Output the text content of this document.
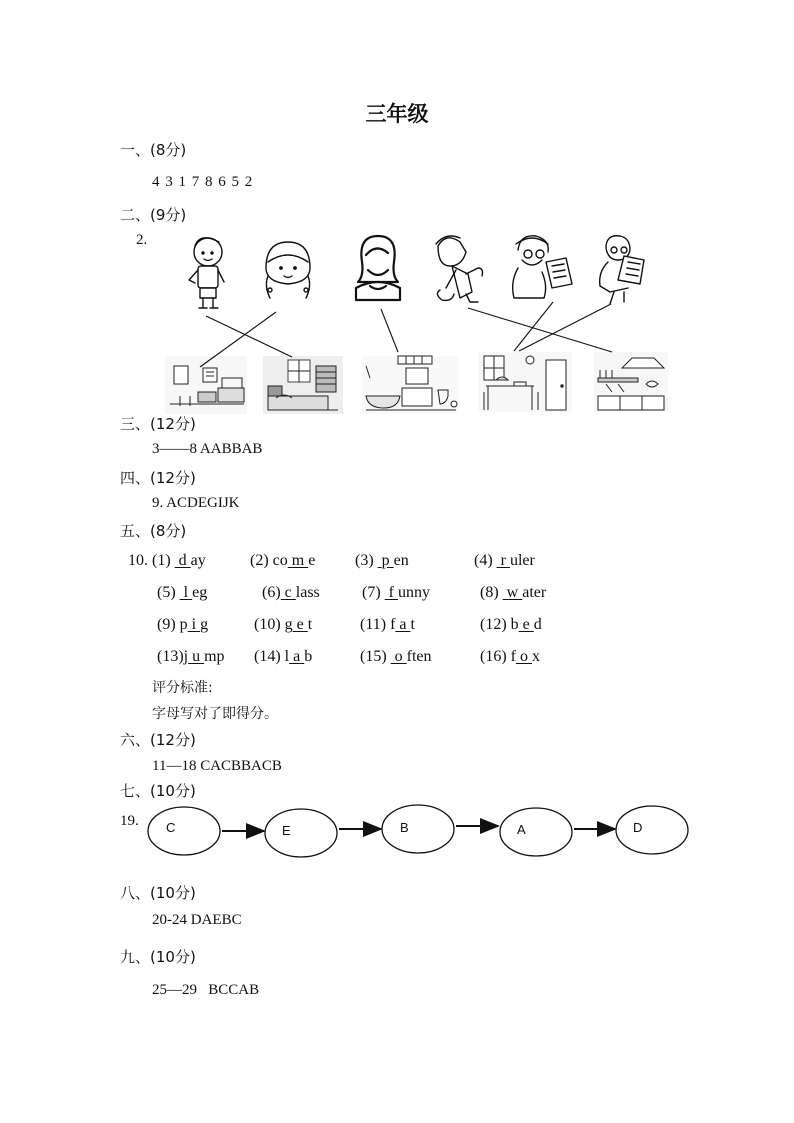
三年级
一、(8分)
4 3 1 7 8 6 5 2
二、(9分)
2.
三、(12分)
3——8 AABBAB
四、(12分)
9. ACDEGIJK
五、(8分)
10. (1) d ay	(2) co m e (3) p en	(4) r uler
(5) l eg	(6) c lass	(7) f unny	(8) w ater
(9) p i g	(10) g e t	(11) f a t	(12) b e d
(13)j u mp (14) l a b	(15) o ften	(16) f o x
评分标准:
字母写对了即得分。
六、(12分)
11—18 CACBBACB
七、(10分)
19. C	E	B	A	D
八、(10分)
20-24 DAEBC
九、(10分)
25—29   BCCAB
